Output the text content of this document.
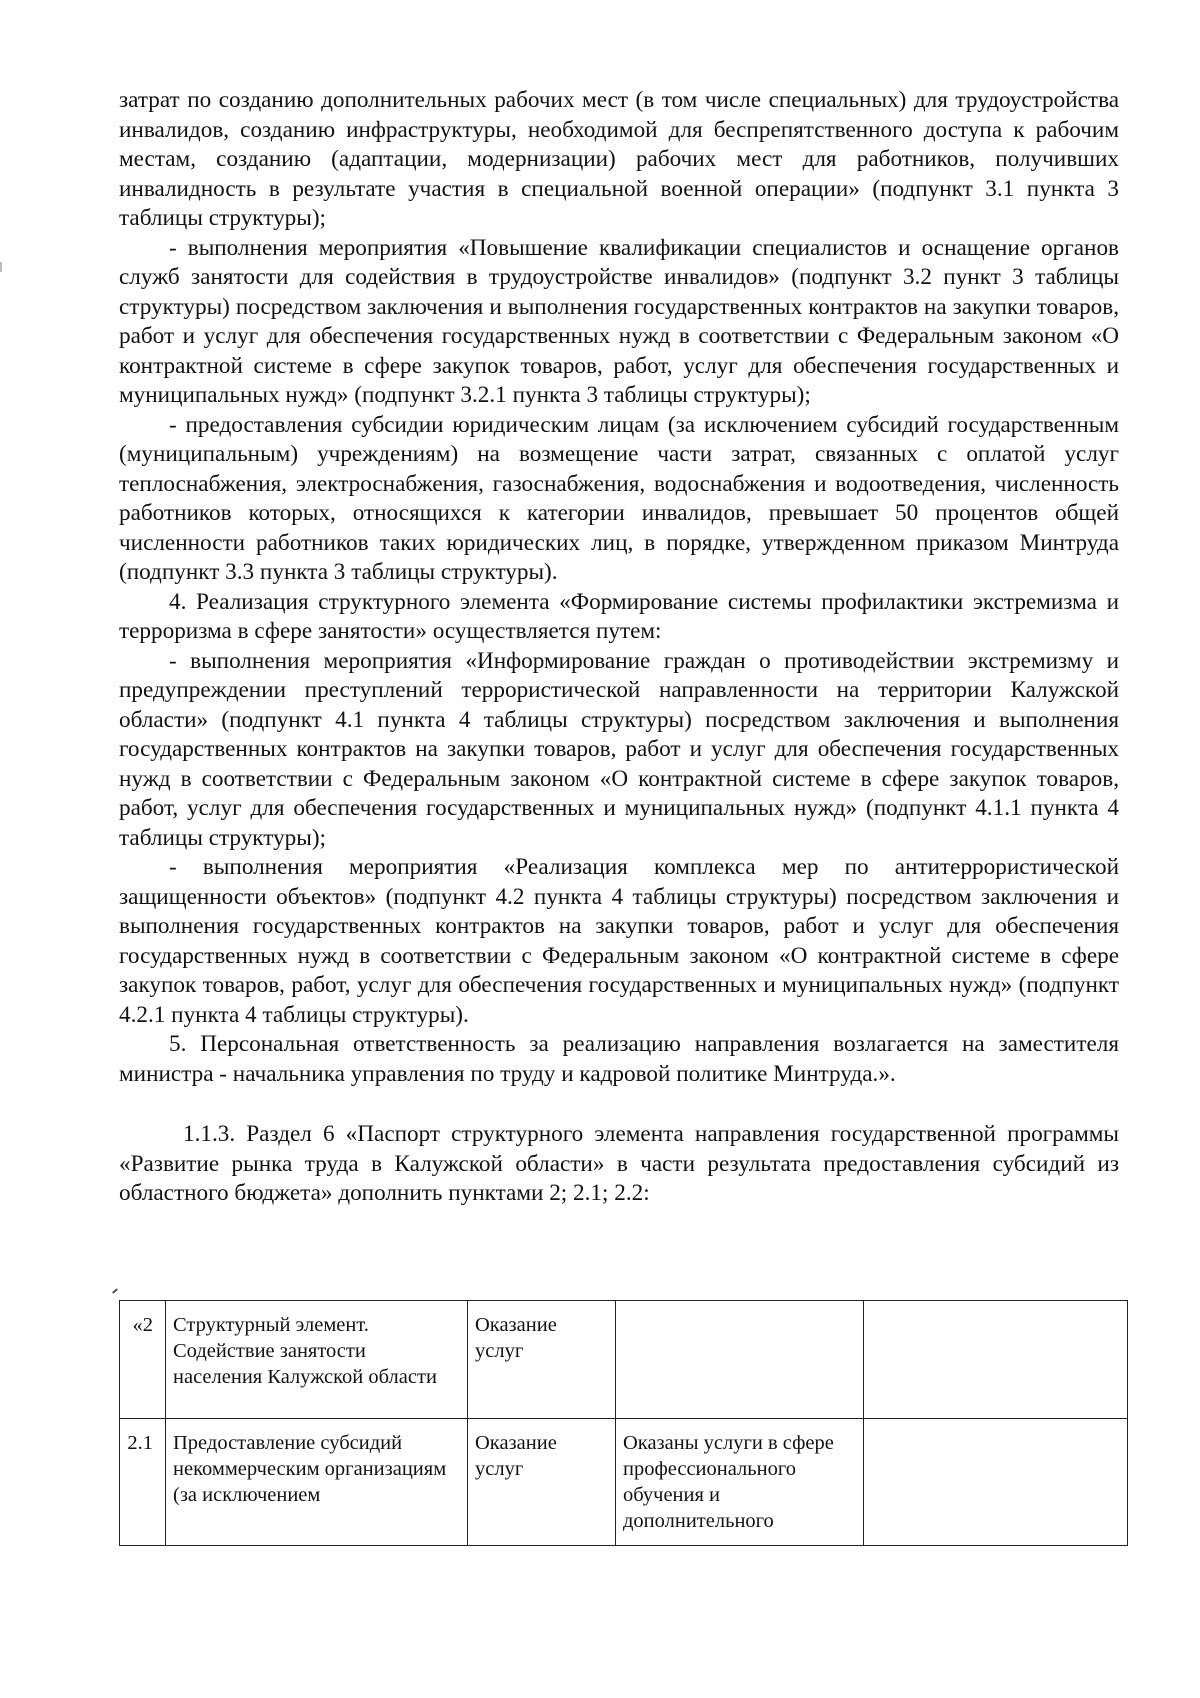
затрат по созданию дополнительных рабочих мест (в том числе специальных) для трудоустройства инвалидов, созданию инфраструктуры, необходимой для беспрепятственного доступа к рабочим местам, созданию (адаптации, модернизации) рабочих мест для работников, получивших инвалидность в результате участия в специальной военной операции» (подпункт 3.1 пункта 3 таблицы структуры);

- выполнения мероприятия «Повышение квалификации специалистов и оснащение органов служб занятости для содействия в трудоустройстве инвалидов» (подпункт 3.2 пункт 3 таблицы структуры) посредством заключения и выполнения государственных контрактов на закупки товаров, работ и услуг для обеспечения государственных нужд в соответствии с Федеральным законом «О контрактной системе в сфере закупок товаров, работ, услуг для обеспечения государственных и муниципальных нужд» (подпункт 3.2.1 пункта 3 таблицы структуры);

- предоставления субсидии юридическим лицам (за исключением субсидий государственным (муниципальным) учреждениям) на возмещение части затрат, связанных с оплатой услуг теплоснабжения, электроснабжения, газоснабжения, водоснабжения и водоотведения, численность работников которых, относящихся к категории инвалидов, превышает 50 процентов общей численности работников таких юридических лиц, в порядке, утвержденном приказом Минтруда (подпункт 3.3 пункта 3 таблицы структуры).

4. Реализация структурного элемента «Формирование системы профилактики экстремизма и терроризма в сфере занятости» осуществляется путем:

- выполнения мероприятия «Информирование граждан о противодействии экстремизму и предупреждении преступлений террористической направленности на территории Калужской области» (подпункт 4.1 пункта 4 таблицы структуры) посредством заключения и выполнения государственных контрактов на закупки товаров, работ и услуг для обеспечения государственных нужд в соответствии с Федеральным законом «О контрактной системе в сфере закупок товаров, работ, услуг для обеспечения государственных и муниципальных нужд» (подпункт 4.1.1 пункта 4 таблицы структуры);

- выполнения мероприятия «Реализация комплекса мер по антитеррористической защищенности объектов» (подпункт 4.2 пункта 4 таблицы структуры) посредством заключения и выполнения государственных контрактов на закупки товаров, работ и услуг для обеспечения государственных нужд в соответствии с Федеральным законом «О контрактной системе в сфере закупок товаров, работ, услуг для обеспечения государственных и муниципальных нужд» (подпункт 4.2.1 пункта 4 таблицы структуры).

5. Персональная ответственность за реализацию направления возлагается на заместителя министра - начальника управления по труду и кадровой политике Минтруда.».

1.1.3. Раздел 6 «Паспорт структурного элемента направления государственной программы «Развитие рынка труда в Калужской области» в части результата предоставления субсидий из областного бюджета» дополнить пунктами 2; 2.1; 2.2:

«2	Структурный элемент. Содействие занятости населения Калужской области	Оказание услуг		
2.1	Предоставление субсидий некоммерческим организациям (за исключением	Оказание услуг	Оказаны услуги в сфере профессионального обучения и дополнительного	
